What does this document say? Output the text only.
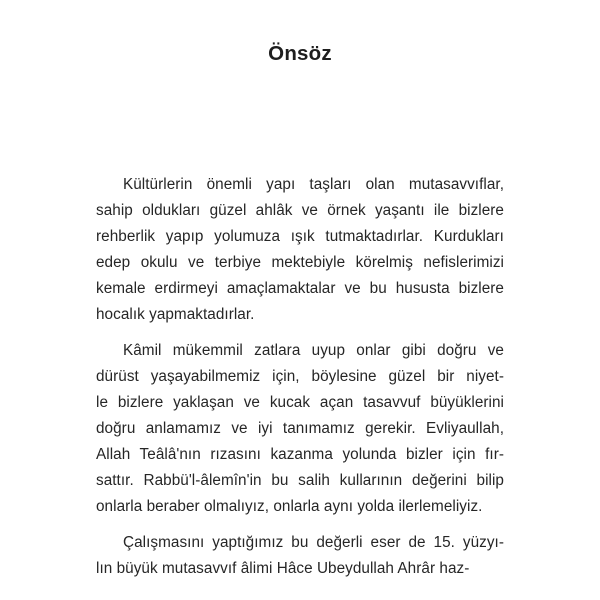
Önsöz

Kültürlerin önemli yapı taşları olan mutasavvıflar,
sahip oldukları güzel ahlâk ve örnek yaşantı ile bizlere
rehberlik yapıp yolumuza ışık tutmaktadırlar. Kurdukları
edep okulu ve terbiye mektebiyle körelmiş nefislerimizi
kemale erdirmeyi amaçlamaktalar ve bu hususta bizlere
hocalık yapmaktadırlar.

Kâmil mükemmil zatlara uyup onlar gibi doğru ve
dürüst yaşayabilmemiz için, böylesine güzel bir niyet-
le bizlere yaklaşan ve kucak açan tasavvuf büyüklerini
doğru anlamamız ve iyi tanımamız gerekir. Evliyaullah,
Allah Teâlâ'nın rızasını kazanma yolunda bizler için fır-
sattır. Rabbü'l-âlemîn'in bu salih kullarının değerini bilip
onlarla beraber olmalıyız, onlarla aynı yolda ilerlemeliyiz.

Çalışmasını yaptığımız bu değerli eser de 15. yüzyı-
lın büyük mutasavvıf âlimi Hâce Ubeydullah Ahrâr haz-
